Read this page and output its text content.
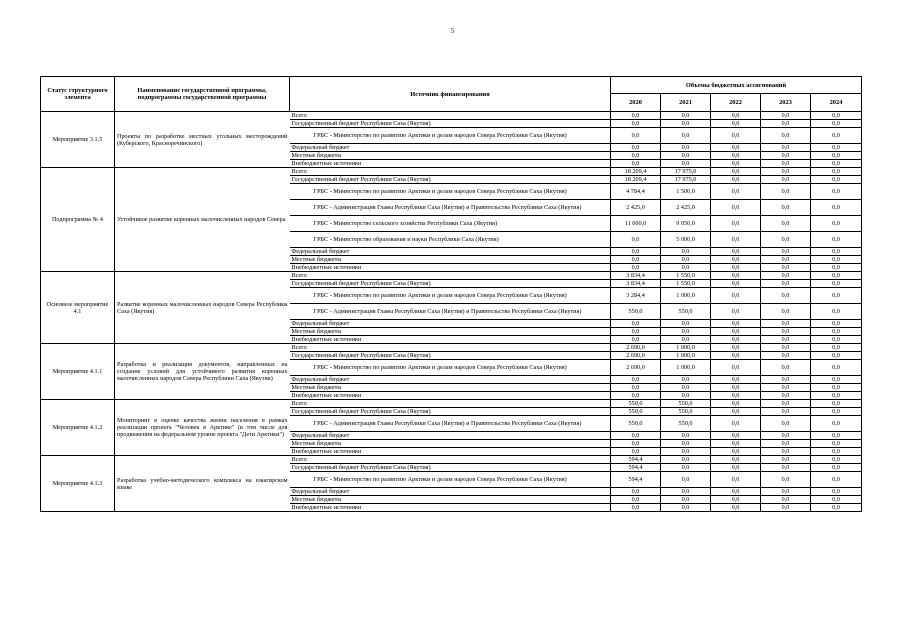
5
Статус структурного элемента	Наименование государственной программы, подпрограммы государственной программы	Источник финансирования	Объемы бюджетных ассигнований				
			2020	2021	2022	2023	2024
Мероприятие 3.1.5	Проекты по разработке местных угольных месторождений (Куберского, Красноречинского)	Всего	0,0	0,0	0,0	0,0	0,0
		Государственный бюджет Республики Саха (Якутия)	0,0	0,0	0,0	0,0	0,0
		ГРБС - Министерство по развитию Арктики и делам народов Севера Республики Саха (Якутия)	0,0	0,0	0,0	0,0	0,0
		Федеральный бюджет	0,0	0,0	0,0	0,0	0,0
		Местные бюджеты	0,0	0,0	0,0	0,0	0,0
		Внебюджетные источники	0,0	0,0	0,0	0,0	0,0
Подпрограмма № 4	Устойчивое развитие коренных малочисленных народов Севера	Всего	18 209,4	17 975,0	0,0	0,0	0,0
		Государственный бюджет Республики Саха (Якутия)	18 209,4	17 975,0	0,0	0,0	0,0
		ГРБС - Министерство по развитию Арктики и делам народов Севера Республики Саха (Якутия)	4 784,4	1 500,0	0,0	0,0	0,0
		ГРБС - Администрация Главы Республики Саха (Якутия) и Правительства Республики Саха (Якутия)	2 425,0	2 425,0	0,0	0,0	0,0
		ГРБС - Министерство сельского хозяйства Республики Саха (Якутия)	11 000,0	9 050,0	0,0	0,0	0,0
		ГРБС - Министерство образования и науки Республики Саха (Якутия)	0,0	5 000,0	0,0	0,0	0,0
		Федеральный бюджет	0,0	0,0	0,0	0,0	0,0
		Местные бюджеты	0,0	0,0	0,0	0,0	0,0
		Внебюджетные источники	0,0	0,0	0,0	0,0	0,0
Основное мероприятие 4.1	Развитие коренных малочисленных народов Севера Республики Саха (Якутия)	Всего	3 834,4	1 550,0	0,0	0,0	0,0
		Государственный бюджет Республики Саха (Якутия)	3 834,4	1 550,0	0,0	0,0	0,0
		ГРБС - Министерство по развитию Арктики и делам народов Севера Республики Саха (Якутия)	3 284,4	1 000,0	0,0	0,0	0,0
		ГРБС - Администрация Главы Республики Саха (Якутия) и Правительства Республики Саха (Якутия)	550,0	550,0	0,0	0,0	0,0
		Федеральный бюджет	0,0	0,0	0,0	0,0	0,0
		Местные бюджеты	0,0	0,0	0,0	0,0	0,0
		Внебюджетные источники	0,0	0,0	0,0	0,0	0,0
Мероприятие 4.1.1	Разработка и реализация документов, направленных на создание условий для устойчивого развития коренных малочисленных народов Севера Республики Саха (Якутия)	Всего	2 690,0	1 000,0	0,0	0,0	0,0
		Государственный бюджет Республики Саха (Якутия)	2 690,0	1 000,0	0,0	0,0	0,0
		ГРБС - Министерство по развитию Арктики и делам народов Севера Республики Саха (Якутия)	2 690,0	1 000,0	0,0	0,0	0,0
		Федеральный бюджет	0,0	0,0	0,0	0,0	0,0
		Местные бюджеты	0,0	0,0	0,0	0,0	0,0
		Внебюджетные источники	0,0	0,0	0,0	0,0	0,0
Мероприятие 4.1.2	Мониторинг в оценке качества жизни населения в рамках реализации проекта "Человек в Арктике" (в том числе для продвижения на федеральном уровне проекта "Дети Арктики")	Всего	550,0	550,0	0,0	0,0	0,0
		Государственный бюджет Республики Саха (Якутия)	550,0	550,0	0,0	0,0	0,0
		ГРБС - Администрация Главы Республики Саха (Якутия) и Правительства Республики Саха (Якутия)	550,0	550,0	0,0	0,0	0,0
		Федеральный бюджет	0,0	0,0	0,0	0,0	0,0
		Местные бюджеты	0,0	0,0	0,0	0,0	0,0
		Внебюджетные источники	0,0	0,0	0,0	0,0	0,0
Мероприятие 4.1.3	Разработка учебно-методического комплекса на юкагирском языке	Всего	594,4	0,0	0,0	0,0	0,0
		Государственный бюджет Республики Саха (Якутия)	594,4	0,0	0,0	0,0	0,0
		ГРБС - Министерство по развитию Арктики и делам народов Севера Республики Саха (Якутия)	594,4	0,0	0,0	0,0	0,0
		Федеральный бюджет	0,0	0,0	0,0	0,0	0,0
		Местные бюджеты	0,0	0,0	0,0	0,0	0,0
		Внебюджетные источники	0,0	0,0	0,0	0,0	0,0
